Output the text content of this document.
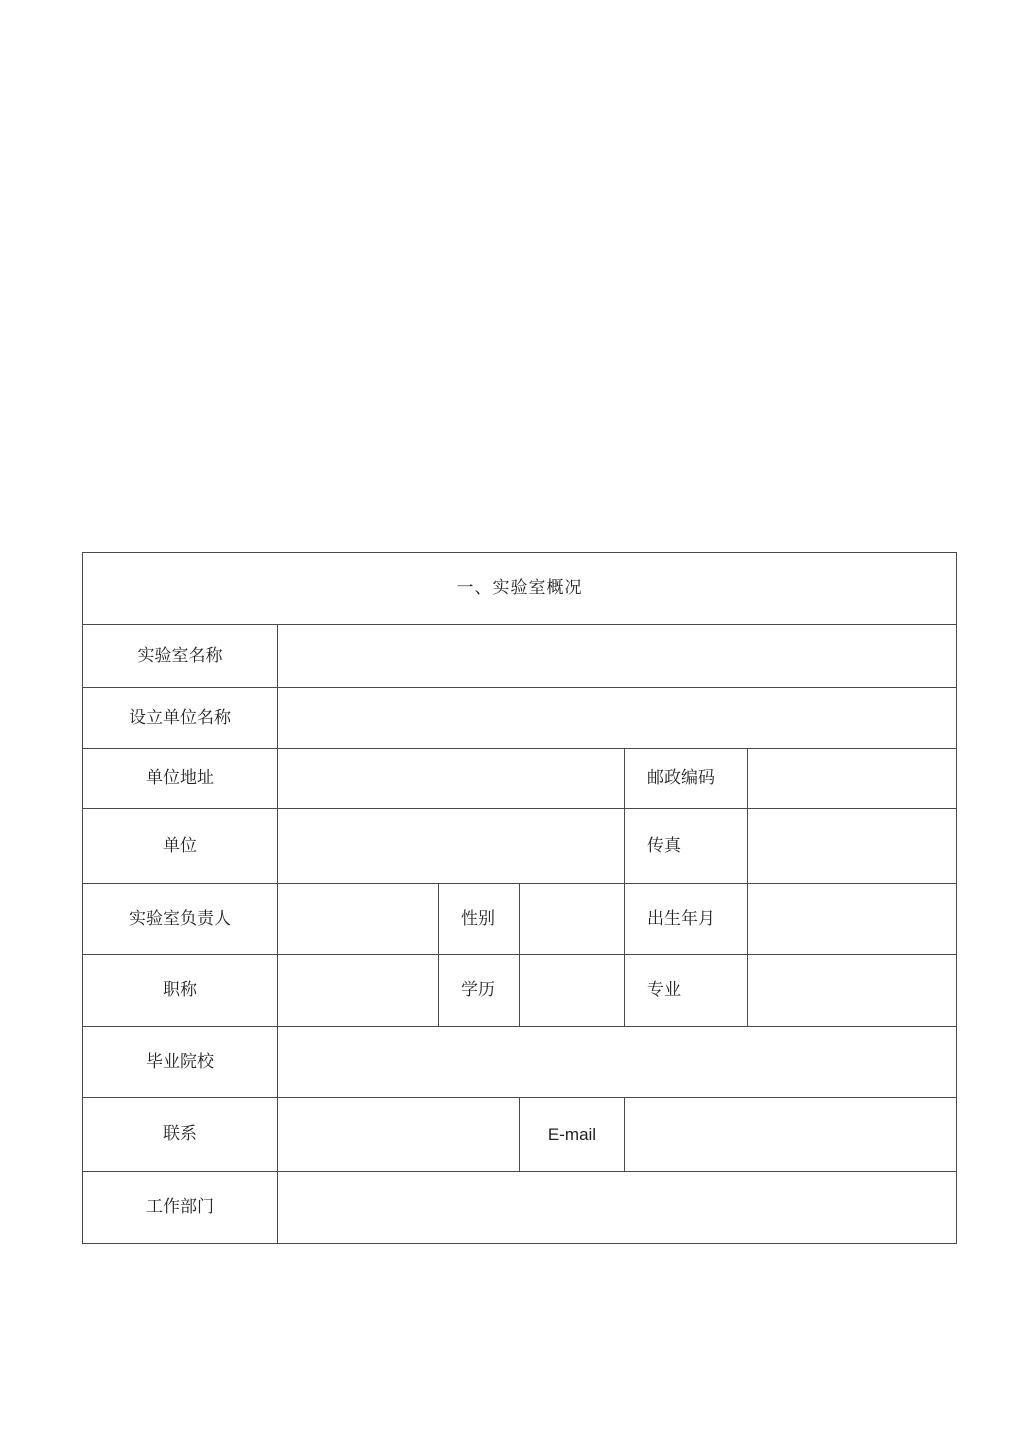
一、实验室概况					
实验室名称					
设立单位名称					
单位地址				邮政编码	
单位				传真	
实验室负责人		性别		出生年月	
职称		学历		专业	
毕业院校					
联系			E-mail		
工作部门					
